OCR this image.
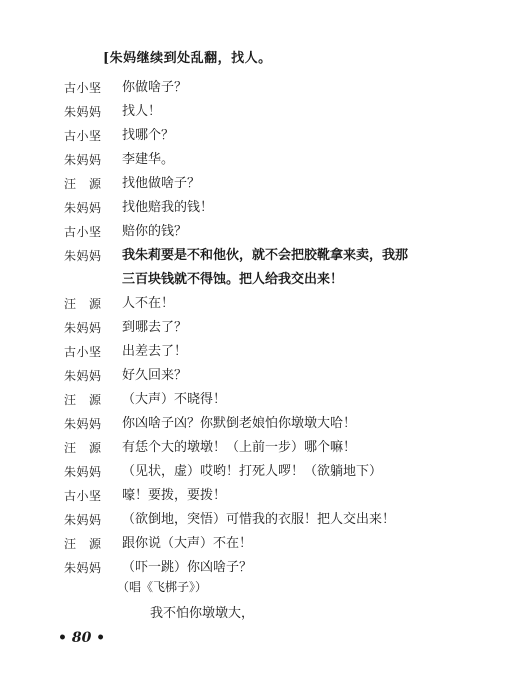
[朱妈继续到处乱翻，找人。
古小坚 你做啥子？
朱妈妈 找人！
古小坚 找哪个？
朱妈妈 李建华。
汪　源 找他做啥子？
朱妈妈 找他赔我的钱！
古小坚 赔你的钱？
朱妈妈 我朱莉要是不和他伙，就不会把胶靴拿来卖，我那
三百块钱就不得蚀。把人给我交出来！
汪　源 人不在！
朱妈妈 到哪去了？
古小坚 出差去了！
朱妈妈 好久回来？
汪　源 （大声）不晓得！
朱妈妈 你凶啥子凶？你默倒老娘怕你墩墩大哈！
汪　源 有恁个大的墩墩！（上前一步）哪个嘛！
朱妈妈 （见状，虚）哎哟！打死人啰！（欲躺地下）
古小坚 嚎！要拨，要拨！
朱妈妈 （欲倒地，突悟）可惜我的衣服！把人交出来！
汪　源 跟你说（大声）不在！
朱妈妈 （吓一跳）你凶啥子？
（唱《飞梆子》）
我不怕你墩墩大，
• 80 •
